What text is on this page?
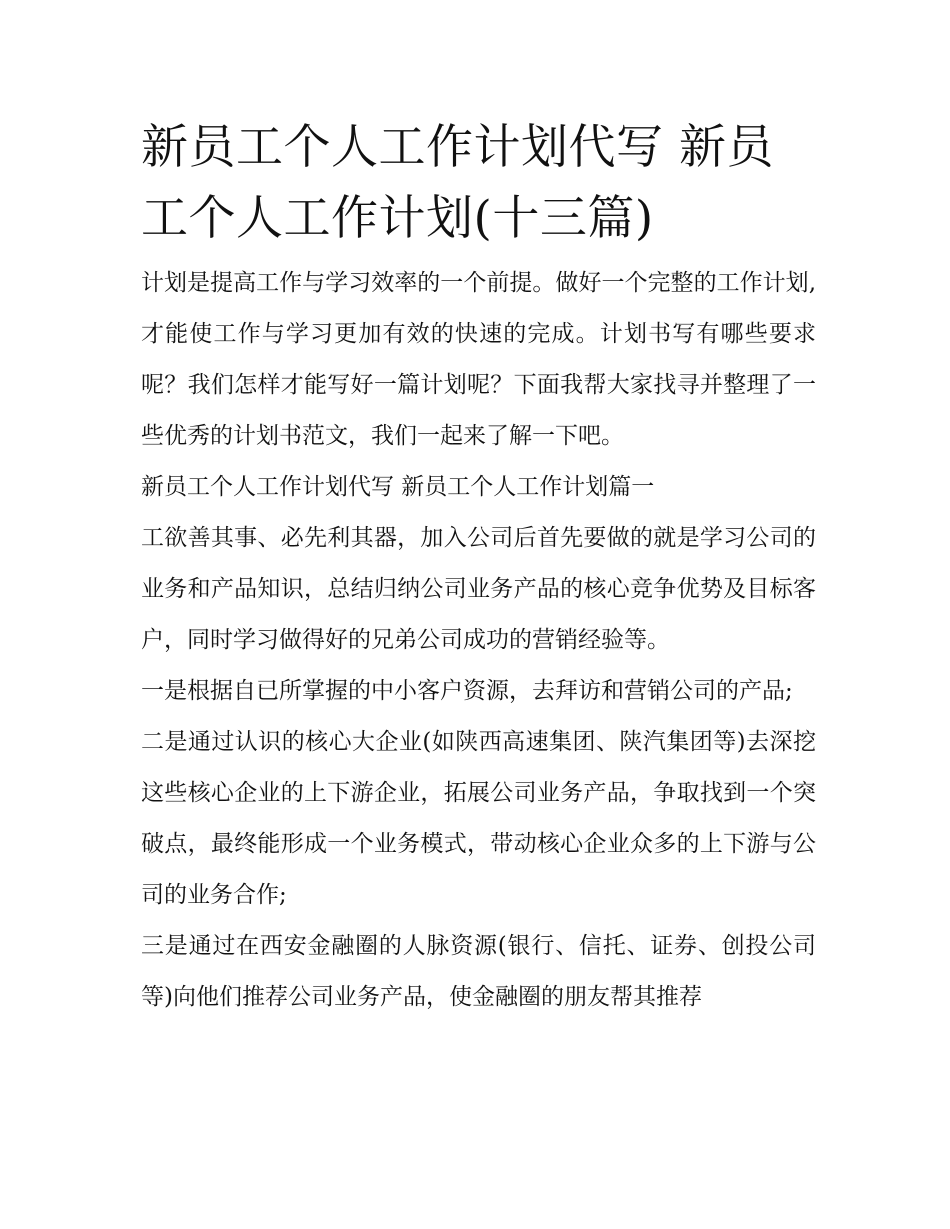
新员工个人工作计划代写 新员工个人工作计划(十三篇)

计划是提高工作与学习效率的一个前提。做好一个完整的工作计划,才能使工作与学习更加有效的快速的完成。计划书写有哪些要求呢？我们怎样才能写好一篇计划呢？下面我帮大家找寻并整理了一些优秀的计划书范文，我们一起来了解一下吧。

新员工个人工作计划代写 新员工个人工作计划篇一

工欲善其事、必先利其器，加入公司后首先要做的就是学习公司的业务和产品知识，总结归纳公司业务产品的核心竞争优势及目标客户，同时学习做得好的兄弟公司成功的营销经验等。

一是根据自已所掌握的中小客户资源，去拜访和营销公司的产品;

二是通过认识的核心大企业(如陕西高速集团、陕汽集团等)去深挖这些核心企业的上下游企业，拓展公司业务产品，争取找到一个突破点，最终能形成一个业务模式，带动核心企业众多的上下游与公司的业务合作;

三是通过在西安金融圈的人脉资源(银行、信托、证券、创投公司等)向他们推荐公司业务产品，使金融圈的朋友帮其推荐
